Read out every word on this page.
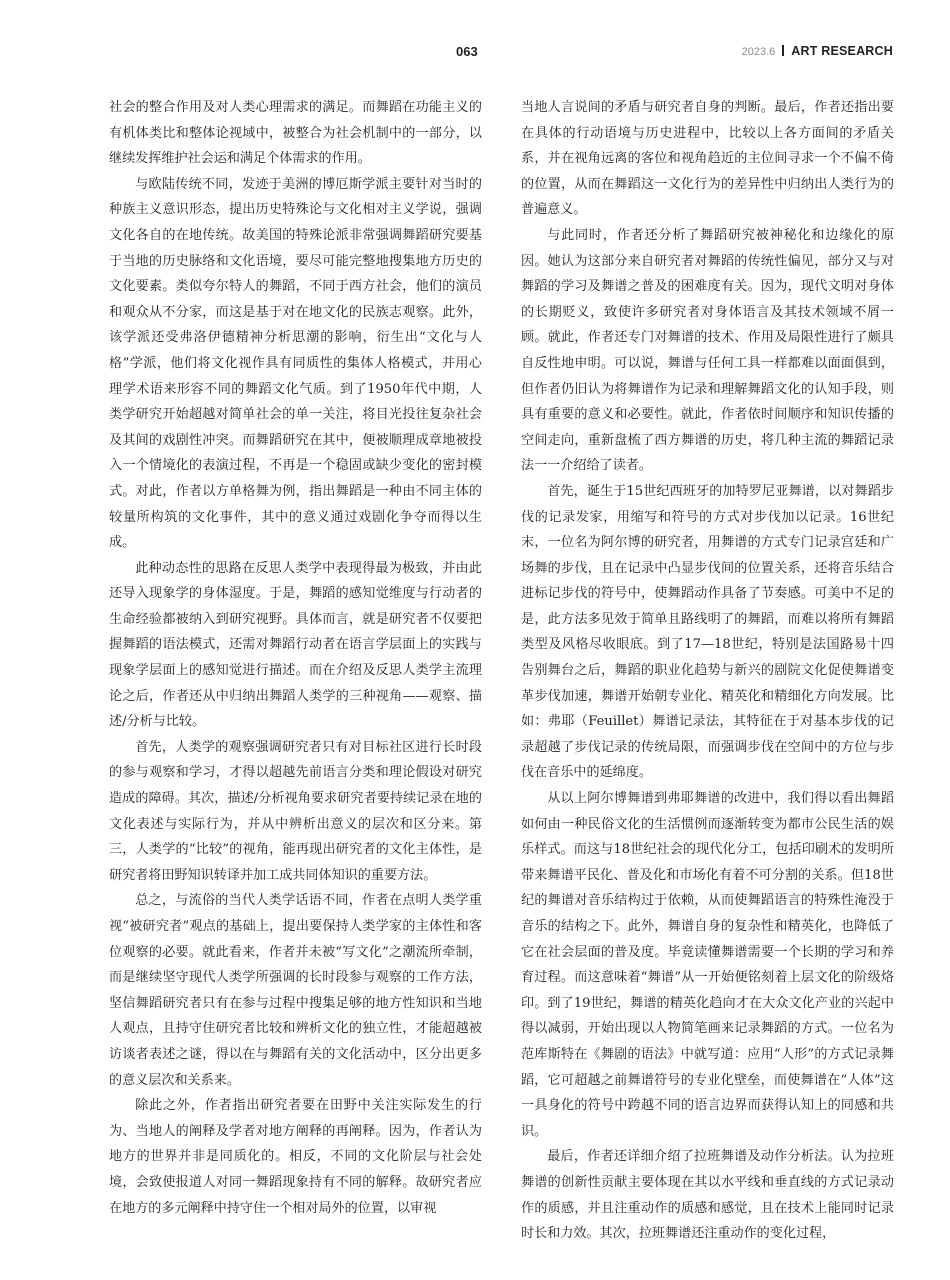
063	2023.6 ART RESEARCH

社会的整合作用及对人类心理需求的满足。而舞蹈在功能主义的有机体类比和整体论视域中，被整合为社会机制中的一部分，以继续发挥维护社会运和满足个体需求的作用。

与欧陆传统不同，发迹于美洲的博厄斯学派主要针对当时的种族主义意识形态，提出历史特殊论与文化相对主义学说，强调文化各自的在地传统。故美国的特殊论派非常强调舞蹈研究要基于当地的历史脉络和文化语境，要尽可能完整地搜集地方历史的文化要素。类似夸尔特人的舞蹈，不同于西方社会，他们的演员和观众从不分家，而这是基于对在地文化的民族志观察。此外，该学派还受弗洛伊德精神分析思潮的影响，衍生出“文化与人格”学派，他们将文化视作具有同质性的集体人格模式，并用心理学术语来形容不同的舞蹈文化气质。到了1950年代中期，人类学研究开始超越对简单社会的单一关注，将目光投往复杂社会及其间的戏剧性冲突。而舞蹈研究在其中，便被顺理成章地被投入一个情境化的表演过程，不再是一个稳固或缺少变化的密封模式。对此，作者以方单格舞为例，指出舞蹈是一种由不同主体的较量所构筑的文化事件，其中的意义通过戏剧化争夺而得以生成。

此种动态性的思路在反思人类学中表现得最为极致，并由此还导入现象学的身体湿度。于是，舞蹈的感知觉维度与行动者的生命经验都被纳入到研究视野。具体而言，就是研究者不仅要把握舞蹈的语法模式，还需对舞蹈行动者在语言学层面上的实践与现象学层面上的感知觉进行描述。而在介绍及反思人类学主流理论之后，作者还从中归纳出舞蹈人类学的三种视角——观察、描述/分析与比较。

首先，人类学的观察强调研究者只有对目标社区进行长时段的参与观察和学习，才得以超越先前语言分类和理论假设对研究造成的障碍。其次，描述/分析视角要求研究者要持续记录在地的文化表述与实际行为，并从中辨析出意义的层次和区分来。第三，人类学的“比较”的视角，能再现出研究者的文化主体性，是研究者将田野知识转译并加工成共同体知识的重要方法。

总之，与流俗的当代人类学话语不同，作者在点明人类学重视“被研究者”观点的基础上，提出要保持人类学家的主体性和客位观察的必要。就此看来，作者并未被“写文化”之潮流所牵制，而是继续坚守现代人类学所强调的长时段参与观察的工作方法，坚信舞蹈研究者只有在参与过程中搜集足够的地方性知识和当地人观点，且持守住研究者比较和辨析文化的独立性，才能超越被访谈者表述之谜，得以在与舞蹈有关的文化活动中，区分出更多的意义层次和关系来。

除此之外，作者指出研究者要在田野中关注实际发生的行为、当地人的阐释及学者对地方阐释的再阐释。因为，作者认为地方的世界并非是同质化的。相反，不同的文化阶层与社会处境，会致使报道人对同一舞蹈现象持有不同的解释。故研究者应在地方的多元阐释中持守住一个相对局外的位置，以审视

当地人言说间的矛盾与研究者自身的判断。最后，作者还指出要在具体的行动语境与历史进程中，比较以上各方面间的矛盾关系，并在视角远离的客位和视角趋近的主位间寻求一个不偏不倚的位置，从而在舞蹈这一文化行为的差异性中归纳出人类行为的普遍意义。

与此同时，作者还分析了舞蹈研究被神秘化和边缘化的原因。她认为这部分来自研究者对舞蹈的传统性偏见，部分又与对舞蹈的学习及舞谱之普及的困难度有关。因为，现代文明对身体的长期贬义，致使许多研究者对身体语言及其技术领域不屑一顾。就此，作者还专门对舞谱的技术、作用及局限性进行了颇具自反性地申明。可以说，舞谱与任何工具一样都难以面面俱到，但作者仍旧认为将舞谱作为记录和理解舞蹈文化的认知手段，则具有重要的意义和必要性。就此，作者依时间顺序和知识传播的空间走向，重新盘梳了西方舞谱的历史，将几种主流的舞蹈记录法一一介绍给了读者。

首先，诞生于15世纪西班牙的加特罗尼亚舞谱，以对舞蹈步伐的记录发家，用缩写和符号的方式对步伐加以记录。16世纪末，一位名为阿尔博的研究者，用舞谱的方式专门记录宫廷和广场舞的步伐，且在记录中凸显步伐间的位置关系，还将音乐结合进标记步伐的符号中，使舞蹈动作具备了节奏感。可美中不足的是，此方法多见效于简单且路线明了的舞蹈，而难以将所有舞蹈类型及风格尽收眼底。到了17—18世纪，特别是法国路易十四告别舞台之后，舞蹈的职业化趋势与新兴的剧院文化促使舞谱变革步伐加速，舞谱开始朝专业化、精英化和精细化方向发展。比如：弗耶（Feuillet）舞谱记录法，其特征在于对基本步伐的记录超越了步伐记录的传统局限，而强调步伐在空间中的方位与步伐在音乐中的延绵度。

从以上阿尔博舞谱到弗耶舞谱的改进中，我们得以看出舞蹈如何由一种民俗文化的生活惯例而逐渐转变为都市公民生活的娱乐样式。而这与18世纪社会的现代化分工，包括印刷术的发明所带来舞谱平民化、普及化和市场化有着不可分割的关系。但18世纪的舞谱对音乐结构过于依赖，从而使舞蹈语言的特殊性淹没于音乐的结构之下。此外，舞谱自身的复杂性和精英化，也降低了它在社会层面的普及度。毕竟读懂舞谱需要一个长期的学习和养育过程。而这意味着“舞谱”从一开始便铭刻着上层文化的阶级烙印。到了19世纪，舞谱的精英化趋向才在大众文化产业的兴起中得以减弱，开始出现以人物简笔画来记录舞蹈的方式。一位名为范库斯特在《舞剧的语法》中就写道：应用“人形”的方式记录舞蹈，它可超越之前舞谱符号的专业化壁垒，而使舞谱在“人体”这一具身化的符号中跨越不同的语言边界而获得认知上的同感和共识。

最后，作者还详细介绍了拉班舞谱及动作分析法。认为拉班舞谱的创新性贡献主要体现在其以水平线和垂直线的方式记录动作的质感，并且注重动作的质感和感觉，且在技术上能同时记录时长和力效。其次，拉班舞谱还注重动作的变化过程，
